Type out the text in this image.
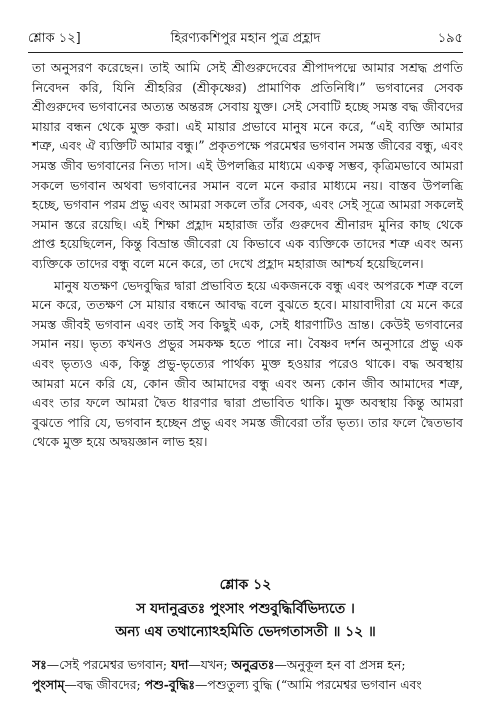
শ্লোক ১২]	হিরণ্যকশিপুর মহান পুত্র প্রহ্লাদ	১৯৫

তা অনুসরণ করেছেন। তাই আমি সেই শ্রীগুরুদেবের শ্রীপাদপদ্মে আমার সশ্রদ্ধ প্রণতি নিবেদন করি, যিনি শ্রীহরির (শ্রীকৃষ্ণের) প্রামাণিক প্রতিনিধি।” ভগবানের সেবক শ্রীগুরুদেব ভগবানের অত্যন্ত অন্তরঙ্গ সেবায় যুক্ত। সেই সেবাটি হচ্ছে সমস্ত বদ্ধ জীবদের মায়ার বন্ধন থেকে মুক্ত করা। এই মায়ার প্রভাবে মানুষ মনে করে, “এই ব্যক্তি আমার শত্রু, এবং ঐ ব্যক্তিটি আমার বন্ধু।” প্রকৃতপক্ষে পরমেশ্বর ভগবান সমস্ত জীবের বন্ধু, এবং সমস্ত জীব ভগবানের নিত্য দাস। এই উপলব্ধির মাধ্যমে একত্ব সম্ভব, কৃত্রিমভাবে আমরা সকলে ভগবান অথবা ভগবানের সমান বলে মনে করার মাধ্যমে নয়। বাস্তব উপলব্ধি হচ্ছে, ভগবান পরম প্রভু এবং আমরা সকলে তাঁর সেবক, এবং সেই সূত্রে আমরা সকলেই সমান স্তরে রয়েছি। এই শিক্ষা প্রহ্লাদ মহারাজ তাঁর গুরুদেব শ্রীনারদ মুনির কাছ থেকে প্রাপ্ত হয়েছিলেন, কিন্তু বিভ্রান্ত জীবেরা যে কিভাবে এক ব্যক্তিকে তাদের শত্রু এবং অন্য ব্যক্তিকে তাদের বন্ধু বলে মনে করে, তা দেখে প্রহ্লাদ মহারাজ আশ্চর্য হয়েছিলেন।

মানুষ যতক্ষণ ভেদবুদ্ধির দ্বারা প্রভাবিত হয়ে একজনকে বন্ধু এবং অপরকে শত্রু বলে মনে করে, ততক্ষণ সে মায়ার বন্ধনে আবদ্ধ বলে বুঝতে হবে। মায়াবাদীরা যে মনে করে সমস্ত জীবই ভগবান এবং তাই সব কিছুই এক, সেই ধারণাটিও ভ্রান্ত। কেউই ভগবানের সমান নয়। ভৃত্য কখনও প্রভুর সমকক্ষ হতে পারে না। বৈষ্ণব দর্শন অনুসারে প্রভু এক এবং ভৃত্যও এক, কিন্তু প্রভু-ভৃত্যের পার্থক্য মুক্ত হওয়ার পরেও থাকে। বদ্ধ অবস্থায় আমরা মনে করি যে, কোন জীব আমাদের বন্ধু এবং অন্য কোন জীব আমাদের শত্রু, এবং তার ফলে আমরা দ্বৈত ধারণার দ্বারা প্রভাবিত থাকি। মুক্ত অবস্থায় কিন্তু আমরা বুঝতে পারি যে, ভগবান হচ্ছেন প্রভু এবং সমস্ত জীবেরা তাঁর ভৃত্য। তার ফলে দ্বৈতভাব থেকে মুক্ত হয়ে অদ্বয়জ্ঞান লাভ হয়।

শ্লোক ১২
স যদানুব্রতঃ পুংসাং পশুবুদ্ধির্বিভিদ্যতে ।
অন্য এষ তথান্যোঽহমিতি ভেদগতাসতী ॥ ১২ ॥
সঃ—সেই পরমেশ্বর ভগবান; যদা—যখন; অনুব্রতঃ—অনুকূল হন বা প্রসন্ন হন;
পুংসাম্—বদ্ধ জীবদের; পশু-বুদ্ধিঃ—পশুতুল্য বুদ্ধি (“আমি পরমেশ্বর ভগবান এবং
